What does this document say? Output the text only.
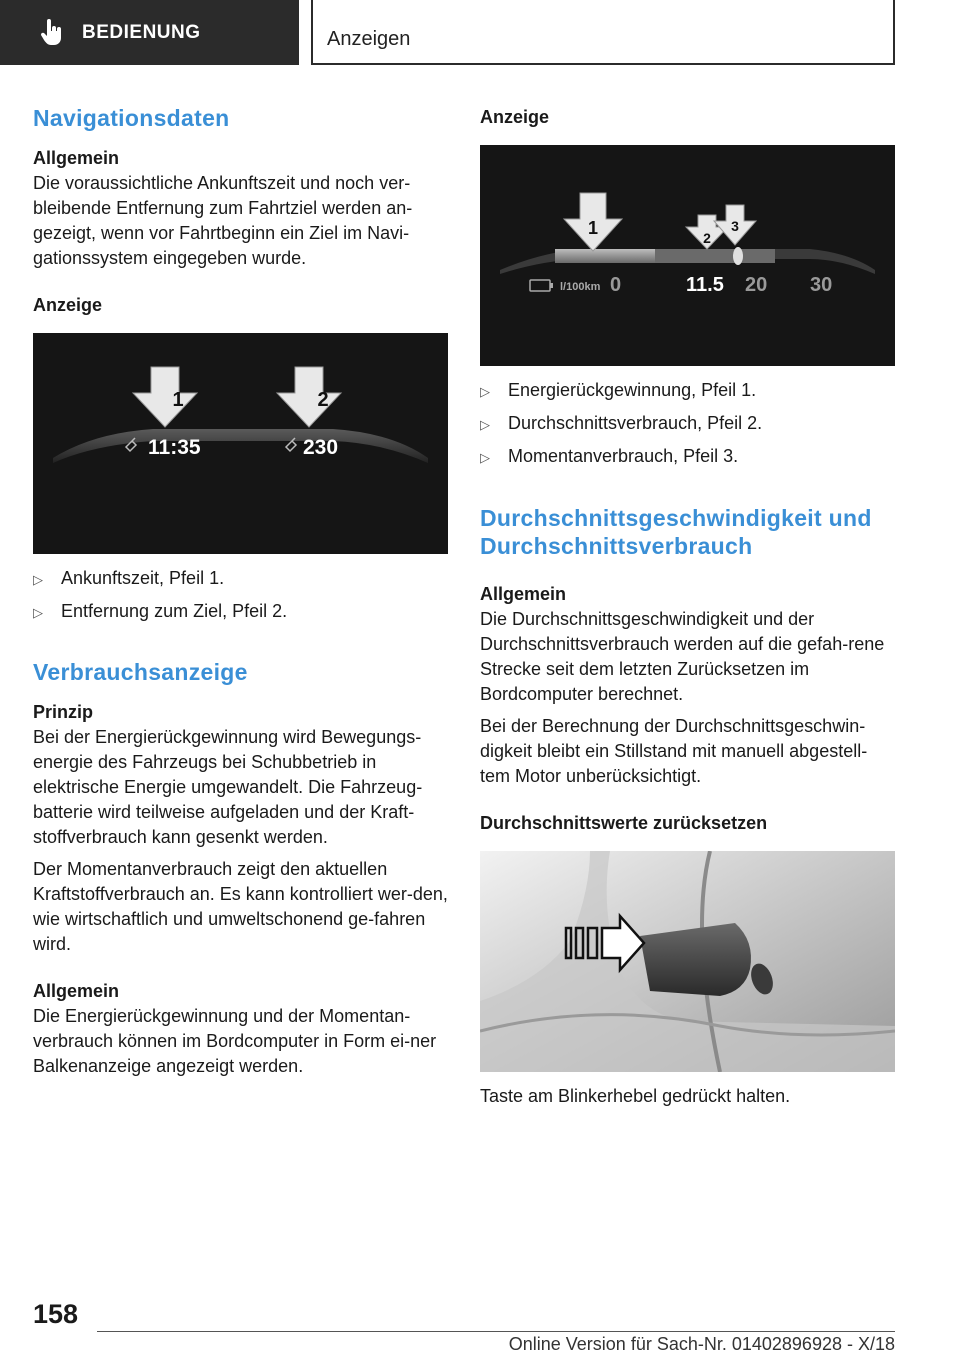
BEDIENUNG	Anzeigen
Navigationsdaten
Allgemein
Die voraussichtliche Ankunftszeit und noch ver-bleibende Entfernung zum Fahrtziel werden an-gezeigt, wenn vor Fahrtbeginn ein Ziel im Navi-gationssystem eingegeben wurde.
Anzeige
1	2
11:35	230
▷	Ankunftszeit, Pfeil 1.
▷	Entfernung zum Ziel, Pfeil 2.
Verbrauchsanzeige
Prinzip
Bei der Energierückgewinnung wird Bewegungs-energie des Fahrzeugs bei Schubbetrieb in elektrische Energie umgewandelt. Die Fahrzeug-batterie wird teilweise aufgeladen und der Kraft-stoffverbrauch kann gesenkt werden.
Der Momentanverbrauch zeigt den aktuellen Kraftstoffverbrauch an. Es kann kontrolliert wer-den, wie wirtschaftlich und umweltschonend ge-fahren wird.
Allgemein
Die Energierückgewinnung und der Momentan-verbrauch können im Bordcomputer in Form ei-ner Balkenanzeige angezeigt werden.
Anzeige
1	2
3
l/100km 0	11.5 20 30
▷	Energierückgewinnung, Pfeil 1.
▷	Durchschnittsverbrauch, Pfeil 2.
▷	Momentanverbrauch, Pfeil 3.
Durchschnittsgeschwindigkeit und Durchschnittsverbrauch
Allgemein
Die Durchschnittsgeschwindigkeit und der Durchschnittsverbrauch werden auf die gefah-rene Strecke seit dem letzten Zurücksetzen im Bordcomputer berechnet.
Bei der Berechnung der Durchschnittsgeschwin-digkeit bleibt ein Stillstand mit manuell abgestell-tem Motor unberücksichtigt.
Durchschnittswerte zurücksetzen
Taste am Blinkerhebel gedrückt halten.
158
Online Version für Sach-Nr. 01402896928 - X/18
